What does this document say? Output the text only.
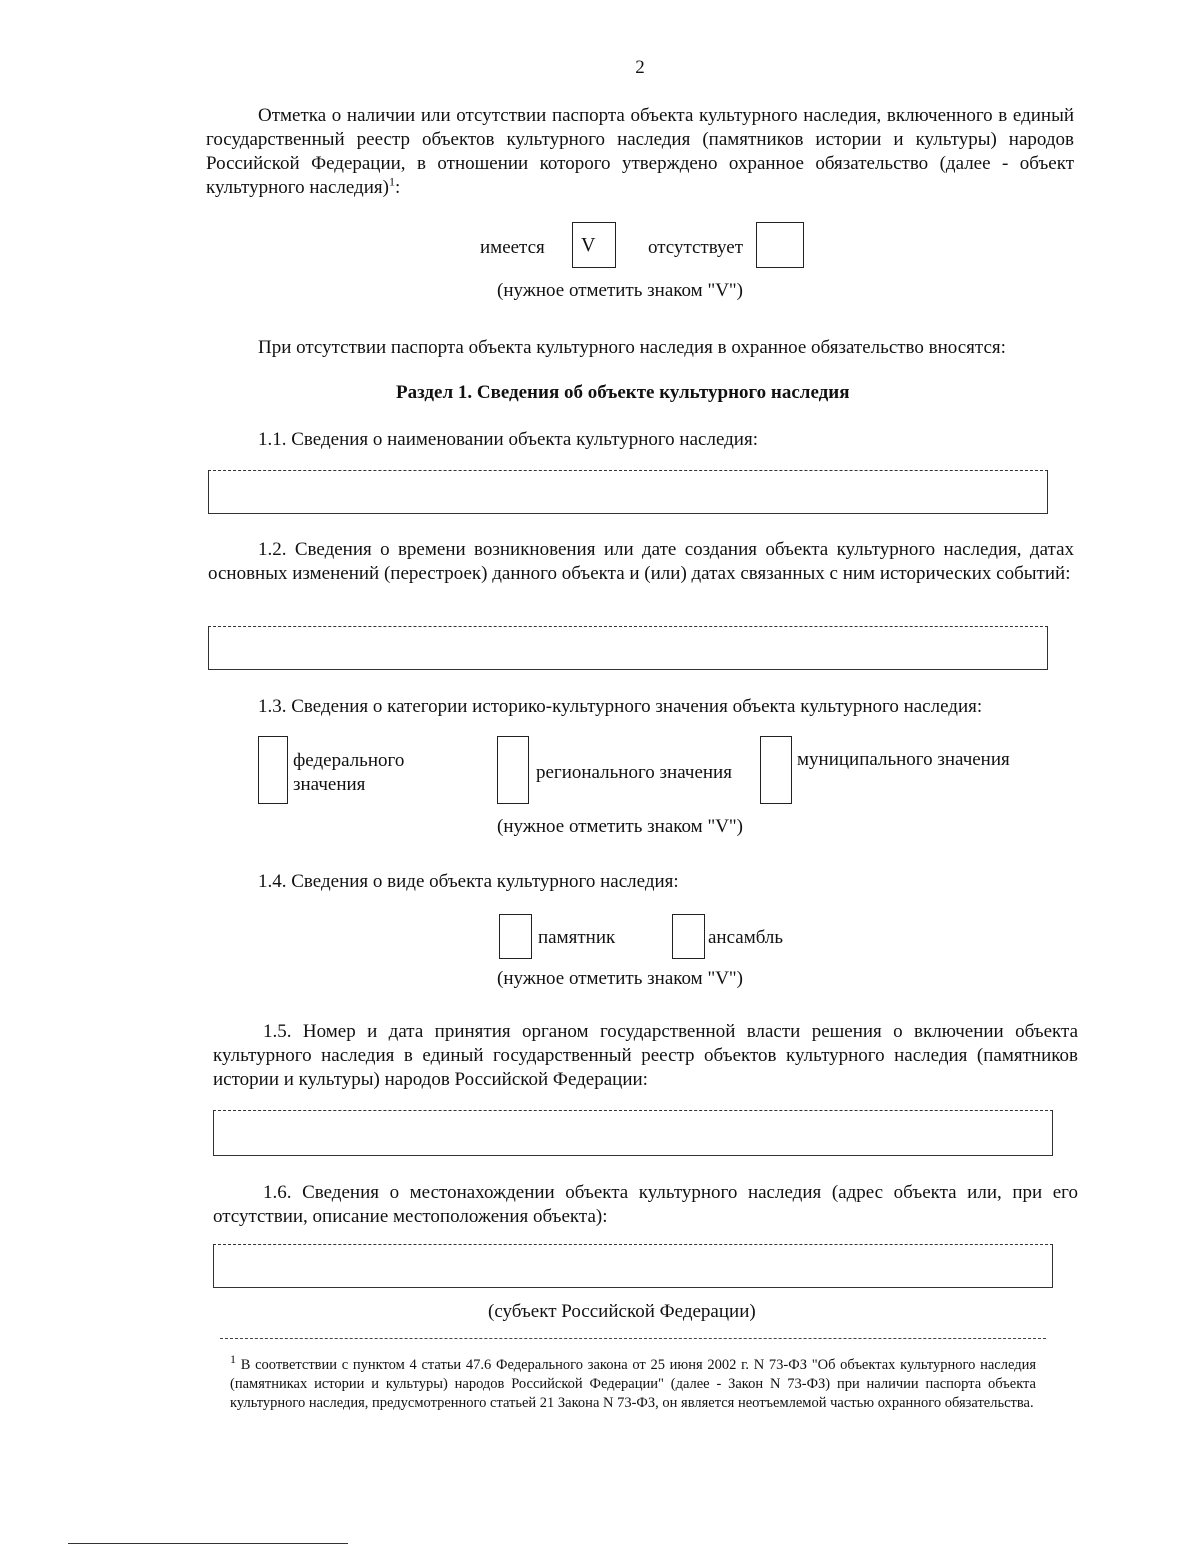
2
Отметка о наличии или отсутствии паспорта объекта культурного наследия, включенного в единый государственный реестр объектов культурного наследия (памятников истории и культуры) народов Российской Федерации, в отношении которого утверждено охранное обязательство (далее - объект культурного наследия)$^1$:
имеется V	отсутствует
(нужное отметить знаком "V")
При отсутствии паспорта объекта культурного наследия в охранное обязательство вносятся:
Раздел 1. Сведения об объекте культурного наследия
1.1. Сведения о наименовании объекта культурного наследия:
1.2. Сведения о времени возникновения или дате создания объекта культурного наследия, датах основных изменений (перестроек) данного объекта и (или) датах связанных с ним исторических событий:
1.3. Сведения о категории историко-культурного значения объекта культурного наследия:
федерального
значения
регионального значения
муниципального значения
(нужное отметить знаком "V")
1.4. Сведения о виде объекта культурного наследия:
памятник	ансамбль
(нужное отметить знаком "V")
1.5. Номер и дата принятия органом государственной власти решения о включении объекта культурного наследия в единый государственный реестр объектов культурного наследия (памятников истории и культуры) народов Российской Федерации:
1.6. Сведения о местонахождении объекта культурного наследия (адрес объекта или, при его отсутствии, описание местоположения объекта):
(субъект Российской Федерации)
$^1$ В соответствии с пунктом 4 статьи 47.6 Федерального закона от 25 июня 2002 г. N 73-ФЗ "Об объектах культурного наследия (памятниках истории и культуры) народов Российской Федерации" (далее - Закон N 73-ФЗ) при наличии паспорта объекта культурного наследия, предусмотренного статьей 21 Закона N 73-ФЗ, он является неотъемлемой частью охранного обязательства.
